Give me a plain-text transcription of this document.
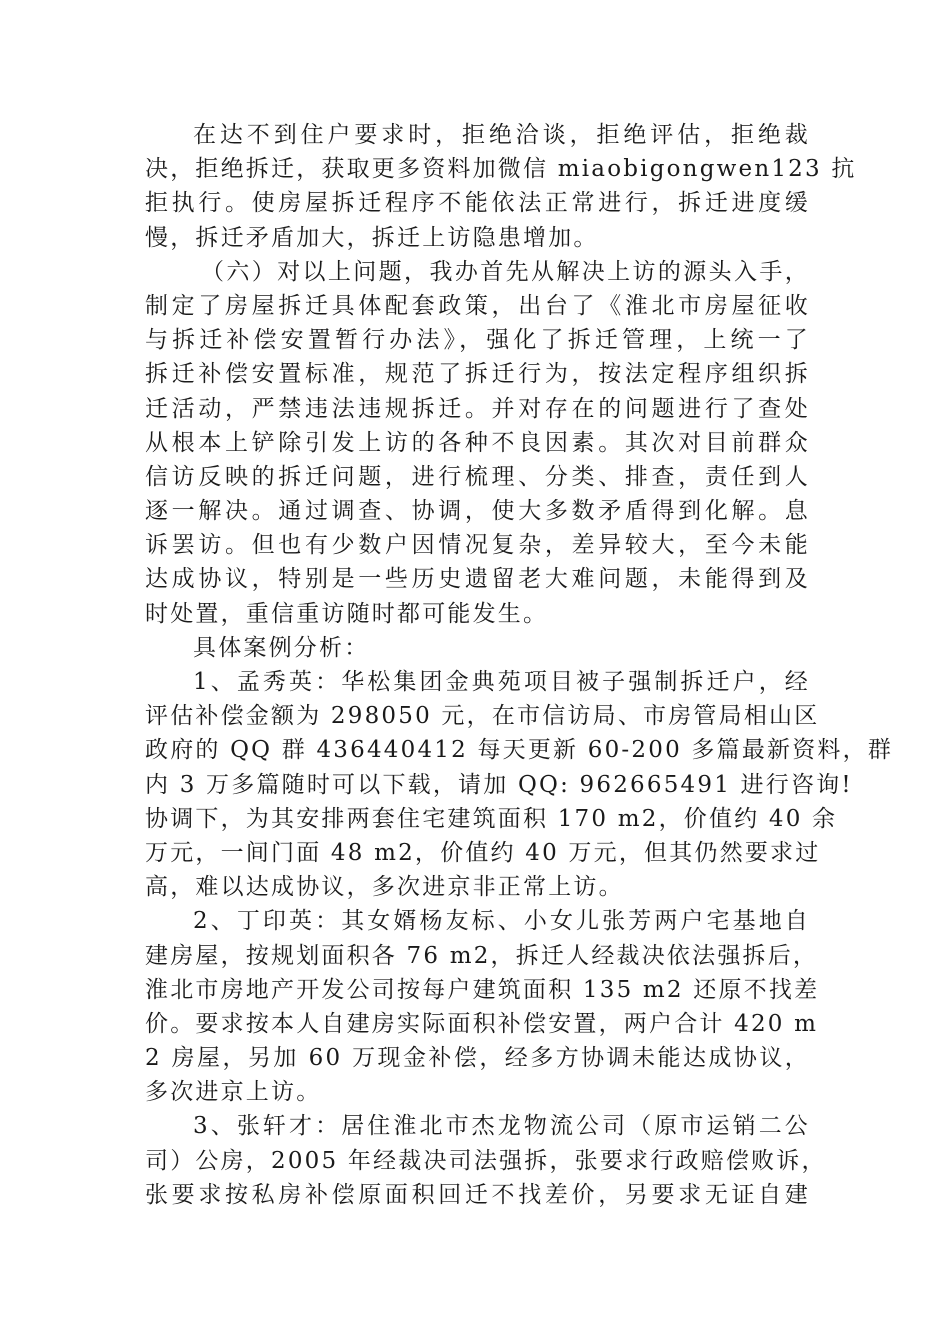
在达不到住户要求时，拒绝洽谈，拒绝评估，拒绝裁
决，拒绝拆迁，获取更多资料加微信 miaobigongwen123 抗
拒执行。使房屋拆迁程序不能依法正常进行，拆迁进度缓
慢，拆迁矛盾加大，拆迁上访隐患增加。
（六）对以上问题，我办首先从解决上访的源头入手，
制定了房屋拆迁具体配套政策，出台了《淮北市房屋征收
与拆迁补偿安置暂行办法》，强化了拆迁管理，上统一了
拆迁补偿安置标准，规范了拆迁行为，按法定程序组织拆
迁活动，严禁违法违规拆迁。并对存在的问题进行了查处
从根本上铲除引发上访的各种不良因素。其次对目前群众
信访反映的拆迁问题，进行梳理、分类、排查，责任到人
逐一解决。通过调查、协调，使大多数矛盾得到化解。息
诉罢访。但也有少数户因情况复杂，差异较大，至今未能
达成协议，特别是一些历史遗留老大难问题，未能得到及
时处置，重信重访随时都可能发生。
具体案例分析：
1、孟秀英：华松集团金典苑项目被子强制拆迁户，经
评估补偿金额为 298050 元，在市信访局、市房管局相山区
政府的 QQ 群 436440412 每天更新 60-200 多篇最新资料，群
内 3 万多篇随时可以下载，请加 QQ: 962665491 进行咨询!
协调下，为其安排两套住宅建筑面积 170 m2，价值约 40 余
万元，一间门面 48 m2，价值约 40 万元，但其仍然要求过
高，难以达成协议，多次进京非正常上访。
2、丁印英：其女婿杨友标、小女儿张芳两户宅基地自
建房屋，按规划面积各 76 m2，拆迁人经裁决依法强拆后，
淮北市房地产开发公司按每户建筑面积 135 m2 还原不找差
价。要求按本人自建房实际面积补偿安置，两户合计 420 m
2 房屋，另加 60 万现金补偿，经多方协调未能达成协议，
多次进京上访。
3、张轩才：居住淮北市杰龙物流公司（原市运销二公
司）公房，2005 年经裁决司法强拆，张要求行政赔偿败诉，
张要求按私房补偿原面积回迁不找差价，另要求无证自建
